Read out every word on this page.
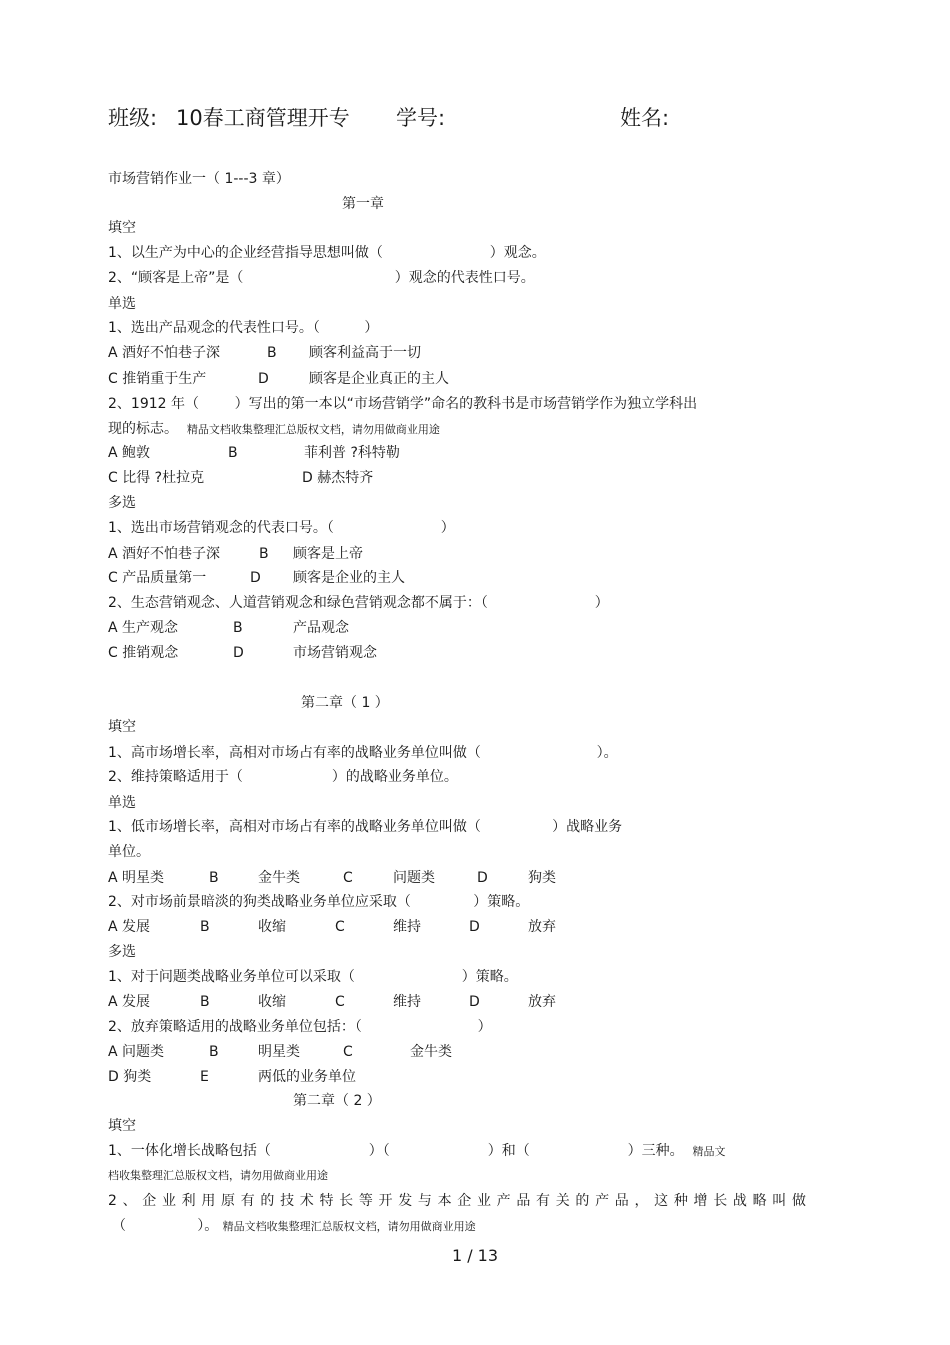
班级: 10春工商管理开专 学号:	姓名:
市场营销作业一（ 1---3 章）
第一章
填空
1、以生产为中心的企业经营指导思想叫做（                        ）观念。
2、“顾客是上帝”是（                                  ）观念的代表性口号。
单选
1、选出产品观念的代表性口号。（          ）
A 酒好不怕巷子深	B 顾客利益高于一切
C 推销重于生产	D	顾客是企业真正的主人
2、1912 年（        ）写出的第一本以“市场营销学”命名的教科书是市场营销学作为独立学科出
现的标志。 精品文档收集整理汇总版权文档，请勿用做商业用途
A 鲍敦	B	菲利普 ?科特勒
C 比得 ?杜拉克	D 赫杰特齐
多选
1、选出市场营销观念的代表口号。（                        ）
A 酒好不怕巷子深	B 顾客是上帝
C 产品质量第一	D 顾客是企业的主人
2、生态营销观念、人道营销观念和绿色营销观念都不属于：（                        ）
A 生产观念	B	产品观念
C 推销观念	D	市场营销观念
第二章（ 1 ）
填空
1、高市场增长率，高相对市场占有率的战略业务单位叫做（                          ）。
2、维持策略适用于（                    ）的战略业务单位。
单选
1、低市场增长率，高相对市场占有率的战略业务单位叫做（                ）战略业务
单位。
A 明星类	B	金牛类	C	问题类	D	狗类
2、对市场前景暗淡的狗类战略业务单位应采取（              ）策略。
A 发展	B	收缩	C	维持	D	放弃
多选
1、对于问题类战略业务单位可以采取（                        ）策略。
A 发展	B	收缩	C	维持	D	放弃
2、放弃策略适用的战略业务单位包括：（                          ）
A 问题类	B	明星类	C	金牛类
D 狗类	E	两低的业务单位
第二章（ 2 ）
填空
1、一体化增长战略包括（                      ）（                      ）和（                      ）三种。 精品文
档收集整理汇总版权文档，请勿用做商业用途
2、企业利用原有的技术特长等开发与本企业产品有关的产品，这种增长战略叫做
（                ）。 精品文档收集整理汇总版权文档，请勿用做商业用途
1 / 13
